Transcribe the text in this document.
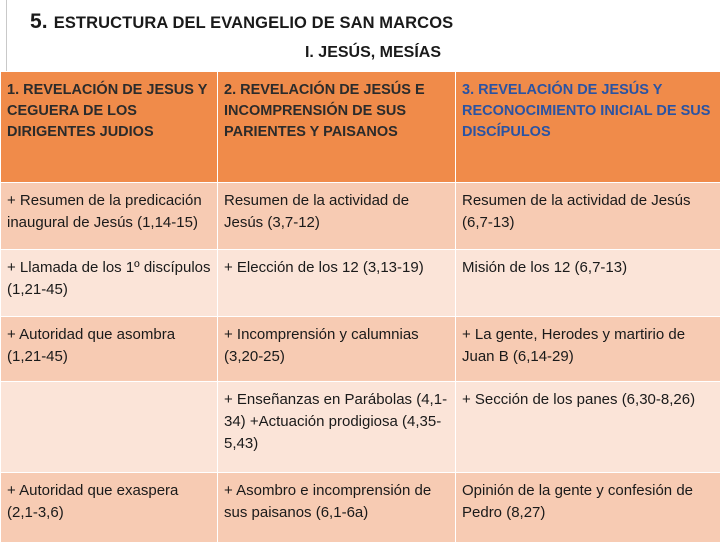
5. ESTRUCTURA DEL EVANGELIO DE SAN MARCOS
I. JESÚS, MESÍAS
1. REVELACIÓN DE JESUS Y CEGUERA DE LOS DIRIGENTES JUDIOS	2. REVELACIÓN DE JESÚS E INCOMPRENSIÓN DE SUS PARIENTES Y PAISANOS	3. REVELACIÓN DE JESÚS Y RECONOCIMIENTO INICIAL DE SUS DISCÍPULOS
+ Resumen de la predicación inaugural de Jesús (1,14-15)	Resumen de la actividad de Jesús (3,7-12)	Resumen de la actividad de Jesús (6,7-13)
+ Llamada de los 1º discípulos (1,21-45)	+ Elección de los 12 (3,13-19)	Misión de los 12 (6,7-13)
+ Autoridad que asombra (1,21-45)	+ Incomprensión y calumnias (3,20-25)	+ La gente, Herodes y martirio de Juan B (6,14-29)
	+ Enseñanzas en Parábolas (4,1-34) +Actuación prodigiosa (4,35-5,43)	+ Sección de los panes (6,30-8,26)
+ Autoridad que exaspera (2,1-3,6)	+ Asombro e incomprensión de sus paisanos (6,1-6a)	Opinión de la gente y confesión de Pedro (8,27)
